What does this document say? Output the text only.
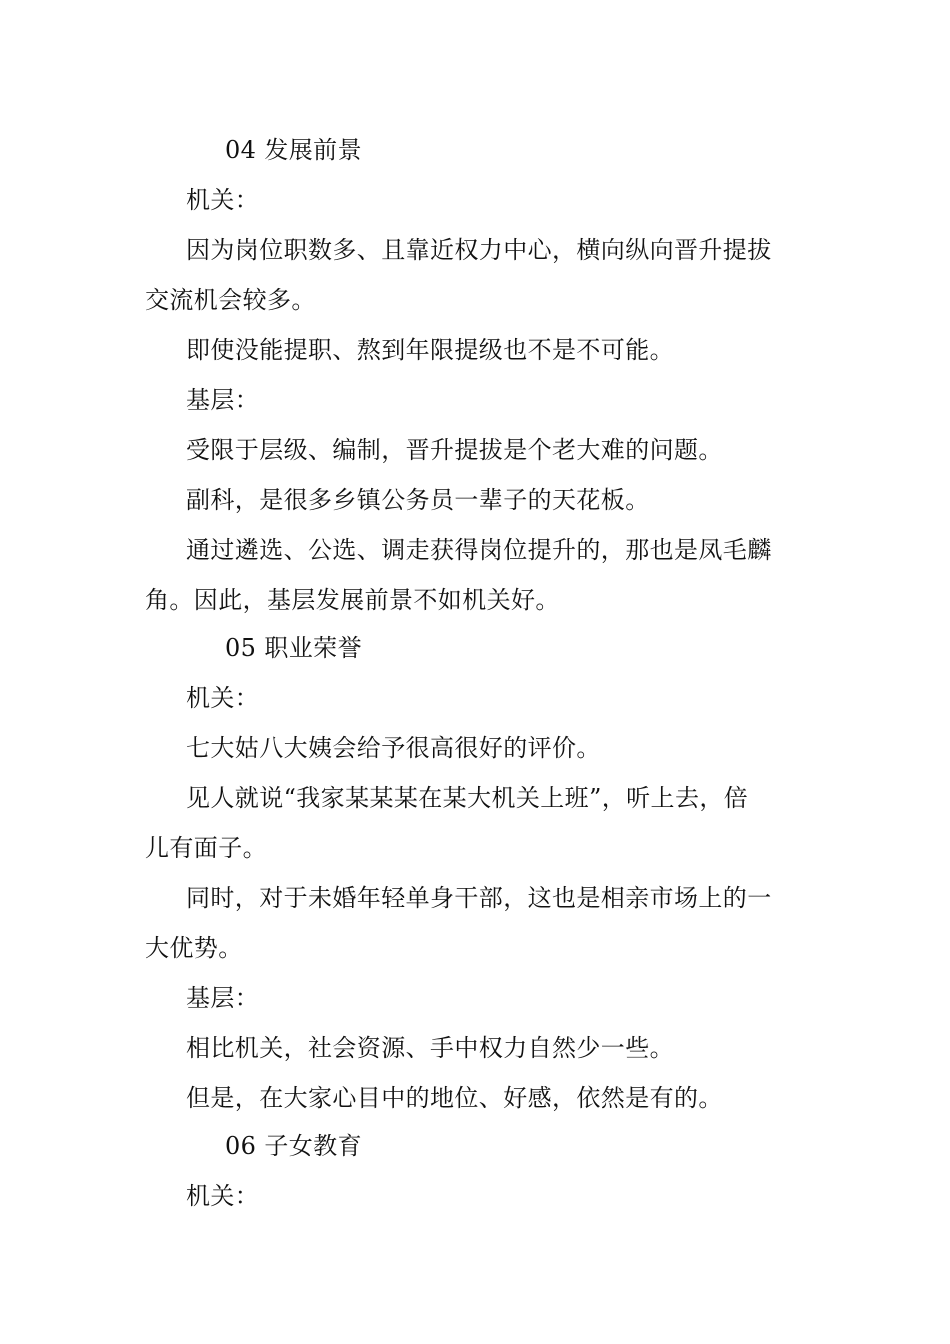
04 发展前景
机关：
因为岗位职数多、且靠近权力中心，横向纵向晋升提拔
交流机会较多。
即使没能提职、熬到年限提级也不是不可能。
基层：
受限于层级、编制，晋升提拔是个老大难的问题。
副科，是很多乡镇公务员一辈子的天花板。
通过遴选、公选、调走获得岗位提升的，那也是凤毛麟
角。因此，基层发展前景不如机关好。
05 职业荣誉
机关：
七大姑八大姨会给予很高很好的评价。
见人就说“我家某某某在某大机关上班”，听上去，倍
儿有面子。
同时，对于未婚年轻单身干部，这也是相亲市场上的一
大优势。
基层：
相比机关，社会资源、手中权力自然少一些。
但是，在大家心目中的地位、好感，依然是有的。
06 子女教育
机关：
